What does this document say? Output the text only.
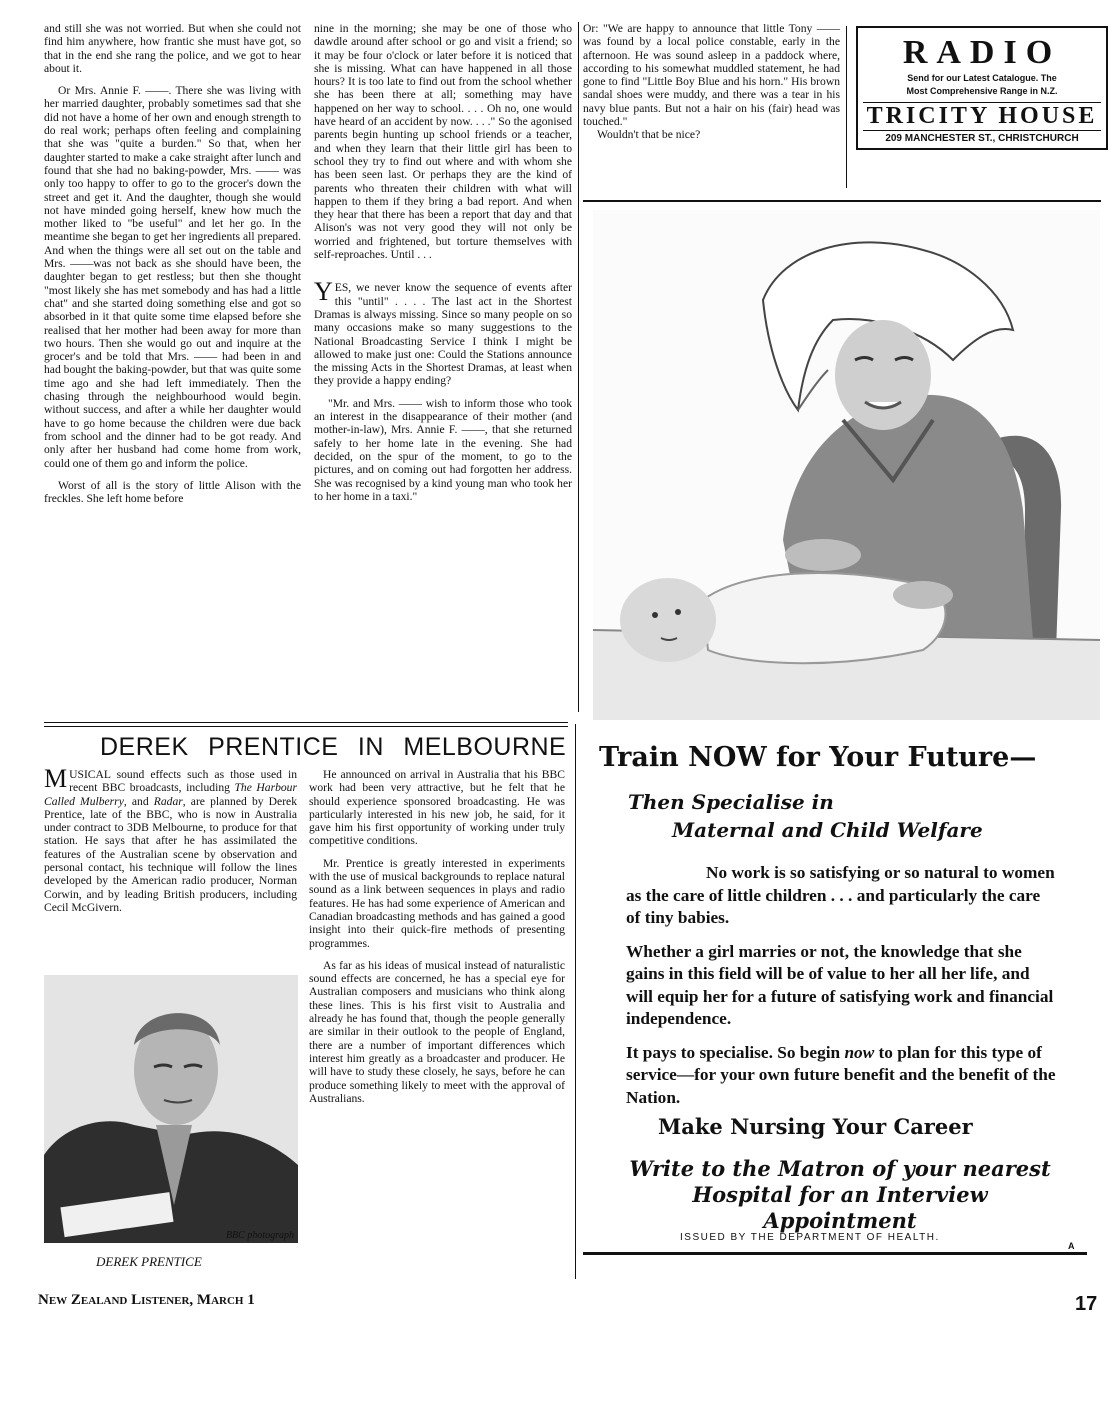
and still she was not worried. But when she could not find him anywhere, how frantic she must have got, so that in the end she rang the police, and we got to hear about it.

Or Mrs. Annie F. ——. There she was living with her married daughter, probably sometimes sad that she did not have a home of her own and enough strength to do real work; perhaps often feeling and complaining that she was "quite a burden." So that, when her daughter started to make a cake straight after lunch and found that she had no baking-powder, Mrs. —— was only too happy to offer to go to the grocer's down the street and get it. And the daughter, though she would not have minded going herself, knew how much the mother liked to "be useful" and let her go. In the meantime she began to get her ingredients all prepared. And when the things were all set out on the table and Mrs. ——was not back as she should have been, the daughter began to get restless; but then she thought "most likely she has met somebody and has had a little chat" and she started doing something else and got so absorbed in it that quite some time elapsed before she realised that her mother had been away for more than two hours. Then she would go out and inquire at the grocer's and be told that Mrs. —— had been in and had bought the baking-powder, but that was quite some time ago and she had left immediately. Then the chasing through the neighbourhood would begin. without success, and after a while her daughter would have to go home because the children were due back from school and the dinner had to be got ready. And only after her husband had come home from work, could one of them go and inform the police.

Worst of all is the story of little Alison with the freckles. She left home before

nine in the morning; she may be one of those who dawdle around after school or go and visit a friend; so it may be four o'clock or later before it is noticed that she is missing. What can have happened in all those hours? It is too late to find out from the school whether she has been there at all; something may have happened on her way to school. . . . Oh no, one would have heard of an accident by now. . . ." So the agonised parents begin hunting up school friends or a teacher, and when they learn that their little girl has been to school they try to find out where and with whom she has been seen last. Or perhaps they are the kind of parents who threaten their children with what will happen to them if they bring a bad report. And when they hear that there has been a report that day and that Alison's was not very good they will not only be worried and frightened, but torture themselves with self-reproaches. Until . . .

YES, we never know the sequence of events after this "until" . . . . The last act in the Shortest Dramas is always missing. Since so many people on so many occasions make so many suggestions to the National Broadcasting Service I think I might be allowed to make just one: Could the Stations announce the missing Acts in the Shortest Dramas, at least when they provide a happy ending?

"Mr. and Mrs. —— wish to inform those who took an interest in the disappearance of their mother (and mother-in-law), Mrs. Annie F. ——, that she returned safely to her home late in the evening. She had decided, on the spur of the moment, to go to the pictures, and on coming out had forgotten her address. She was recognised by a kind young man who took her to her home in a taxi."

Or: "We are happy to announce that little Tony —— was found by a local police constable, early in the afternoon. He was sound asleep in a paddock where, according to his somewhat muddled statement, he had gone to find "Little Boy Blue and his horn." His brown sandal shoes were muddy, and there was a tear in his navy blue pants. But not a hair on his (fair) head was touched."

Wouldn't that be nice?

RADIO
Send for our Latest Catalogue. The
Most Comprehensive Range in N.Z.
TRICITY HOUSE
209 MANCHESTER ST., CHRISTCHURCH
DEREK PRENTICE IN MELBOURNE

MUSICAL sound effects such as those used in recent BBC broadcasts, including The Harbour Called Mulberry, and Radar, are planned by Derek Prentice, late of the BBC, who is now in Australia under contract to 3DB Melbourne, to produce for that station. He says that after he has assimilated the features of the Australian scene by observation and personal contact, his technique will follow the lines developed by the American radio producer, Norman Corwin, and by leading British producers, including Cecil McGivern.

BBC photograph
DEREK PRENTICE

He announced on arrival in Australia that his BBC work had been very attractive, but he felt that he should experience sponsored broadcasting. He was particularly interested in his new job, he said, for it gave him his first opportunity of working under truly competitive conditions.

Mr. Prentice is greatly interested in experiments with the use of musical backgrounds to replace natural sound as a link between sequences in plays and radio features. He has had some experience of American and Canadian broadcasting methods and has gained a good insight into their quick-fire methods of presenting programmes.

As far as his ideas of musical instead of naturalistic sound effects are concerned, he has a special eye for Australian composers and musicians who think along these lines. This is his first visit to Australia and already he has found that, though the people generally are similar in their outlook to the people of England, there are a number of important differences which interest him greatly as a broadcaster and producer. He will have to study these closely, he says, before he can produce something likely to meet with the approval of Australians.

Train NOW for Your Future—
Then Specialise in
Maternal and Child Welfare

No work is so satisfying or so natural to women as the care of little children . . . and particularly the care of tiny babies.

Whether a girl marries or not, the knowledge that she gains in this field will be of value to her all her life, and will equip her for a future of satisfying work and financial independence.

It pays to specialise. So begin now to plan for this type of service—for your own future benefit and the benefit of the Nation.

Make Nursing Your Career
Write to the Matron of your nearest Hospital for an Interview Appointment
ISSUED BY THE DEPARTMENT OF HEALTH.
A
New Zealand Listener, March 1	17
